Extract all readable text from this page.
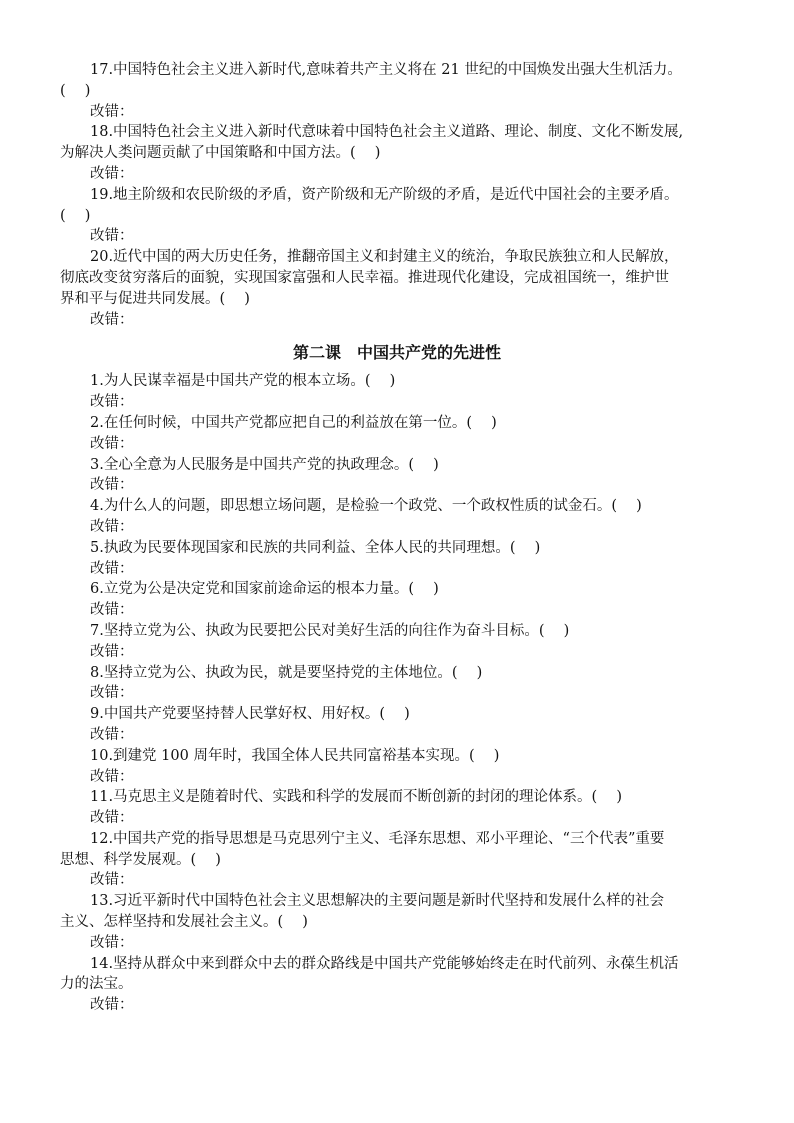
17.中国特色社会主义进入新时代,意味着共产主义将在 21 世纪的中国焕发出强大生机活力。
(　 )
改错：
18.中国特色社会主义进入新时代意味着中国特色社会主义道路、理论、制度、文化不断发展,
为解决人类问题贡献了中国策略和中国方法。(　 )
改错：
19.地主阶级和农民阶级的矛盾，资产阶级和无产阶级的矛盾，是近代中国社会的主要矛盾。
(　 )
改错：
20.近代中国的两大历史任务，推翻帝国主义和封建主义的统治，争取民族独立和人民解放，
彻底改变贫穷落后的面貌，实现国家富强和人民幸福。推进现代化建设，完成祖国统一，维护世
界和平与促进共同发展。(　 )
改错：
第二课　中国共产党的先进性
1.为人民谋幸福是中国共产党的根本立场。(　 )
改错：
2.在任何时候，中国共产党都应把自己的利益放在第一位。(　 )
改错：
3.全心全意为人民服务是中国共产党的执政理念。(　 )
改错：
4.为什么人的问题，即思想立场问题，是检验一个政党、一个政权性质的试金石。(　 )
改错：
5.执政为民要体现国家和民族的共同利益、全体人民的共同理想。(　 )
改错：
6.立党为公是决定党和国家前途命运的根本力量。(　 )
改错：
7.坚持立党为公、执政为民要把公民对美好生活的向往作为奋斗目标。(　 )
改错：
8.坚持立党为公、执政为民，就是要坚持党的主体地位。(　 )
改错：
9.中国共产党要坚持替人民掌好权、用好权。(　 )
改错：
10.到建党 100 周年时，我国全体人民共同富裕基本实现。(　 )
改错：
11.马克思主义是随着时代、实践和科学的发展而不断创新的封闭的理论体系。(　 )
改错：
12.中国共产党的指导思想是马克思列宁主义、毛泽东思想、邓小平理论、“三个代表”重要
思想、科学发展观。(　 )
改错：
13.习近平新时代中国特色社会主义思想解决的主要问题是新时代坚持和发展什么样的社会
主义、怎样坚持和发展社会主义。(　 )
改错：
14.坚持从群众中来到群众中去的群众路线是中国共产党能够始终走在时代前列、永葆生机活
力的法宝。
改错：
